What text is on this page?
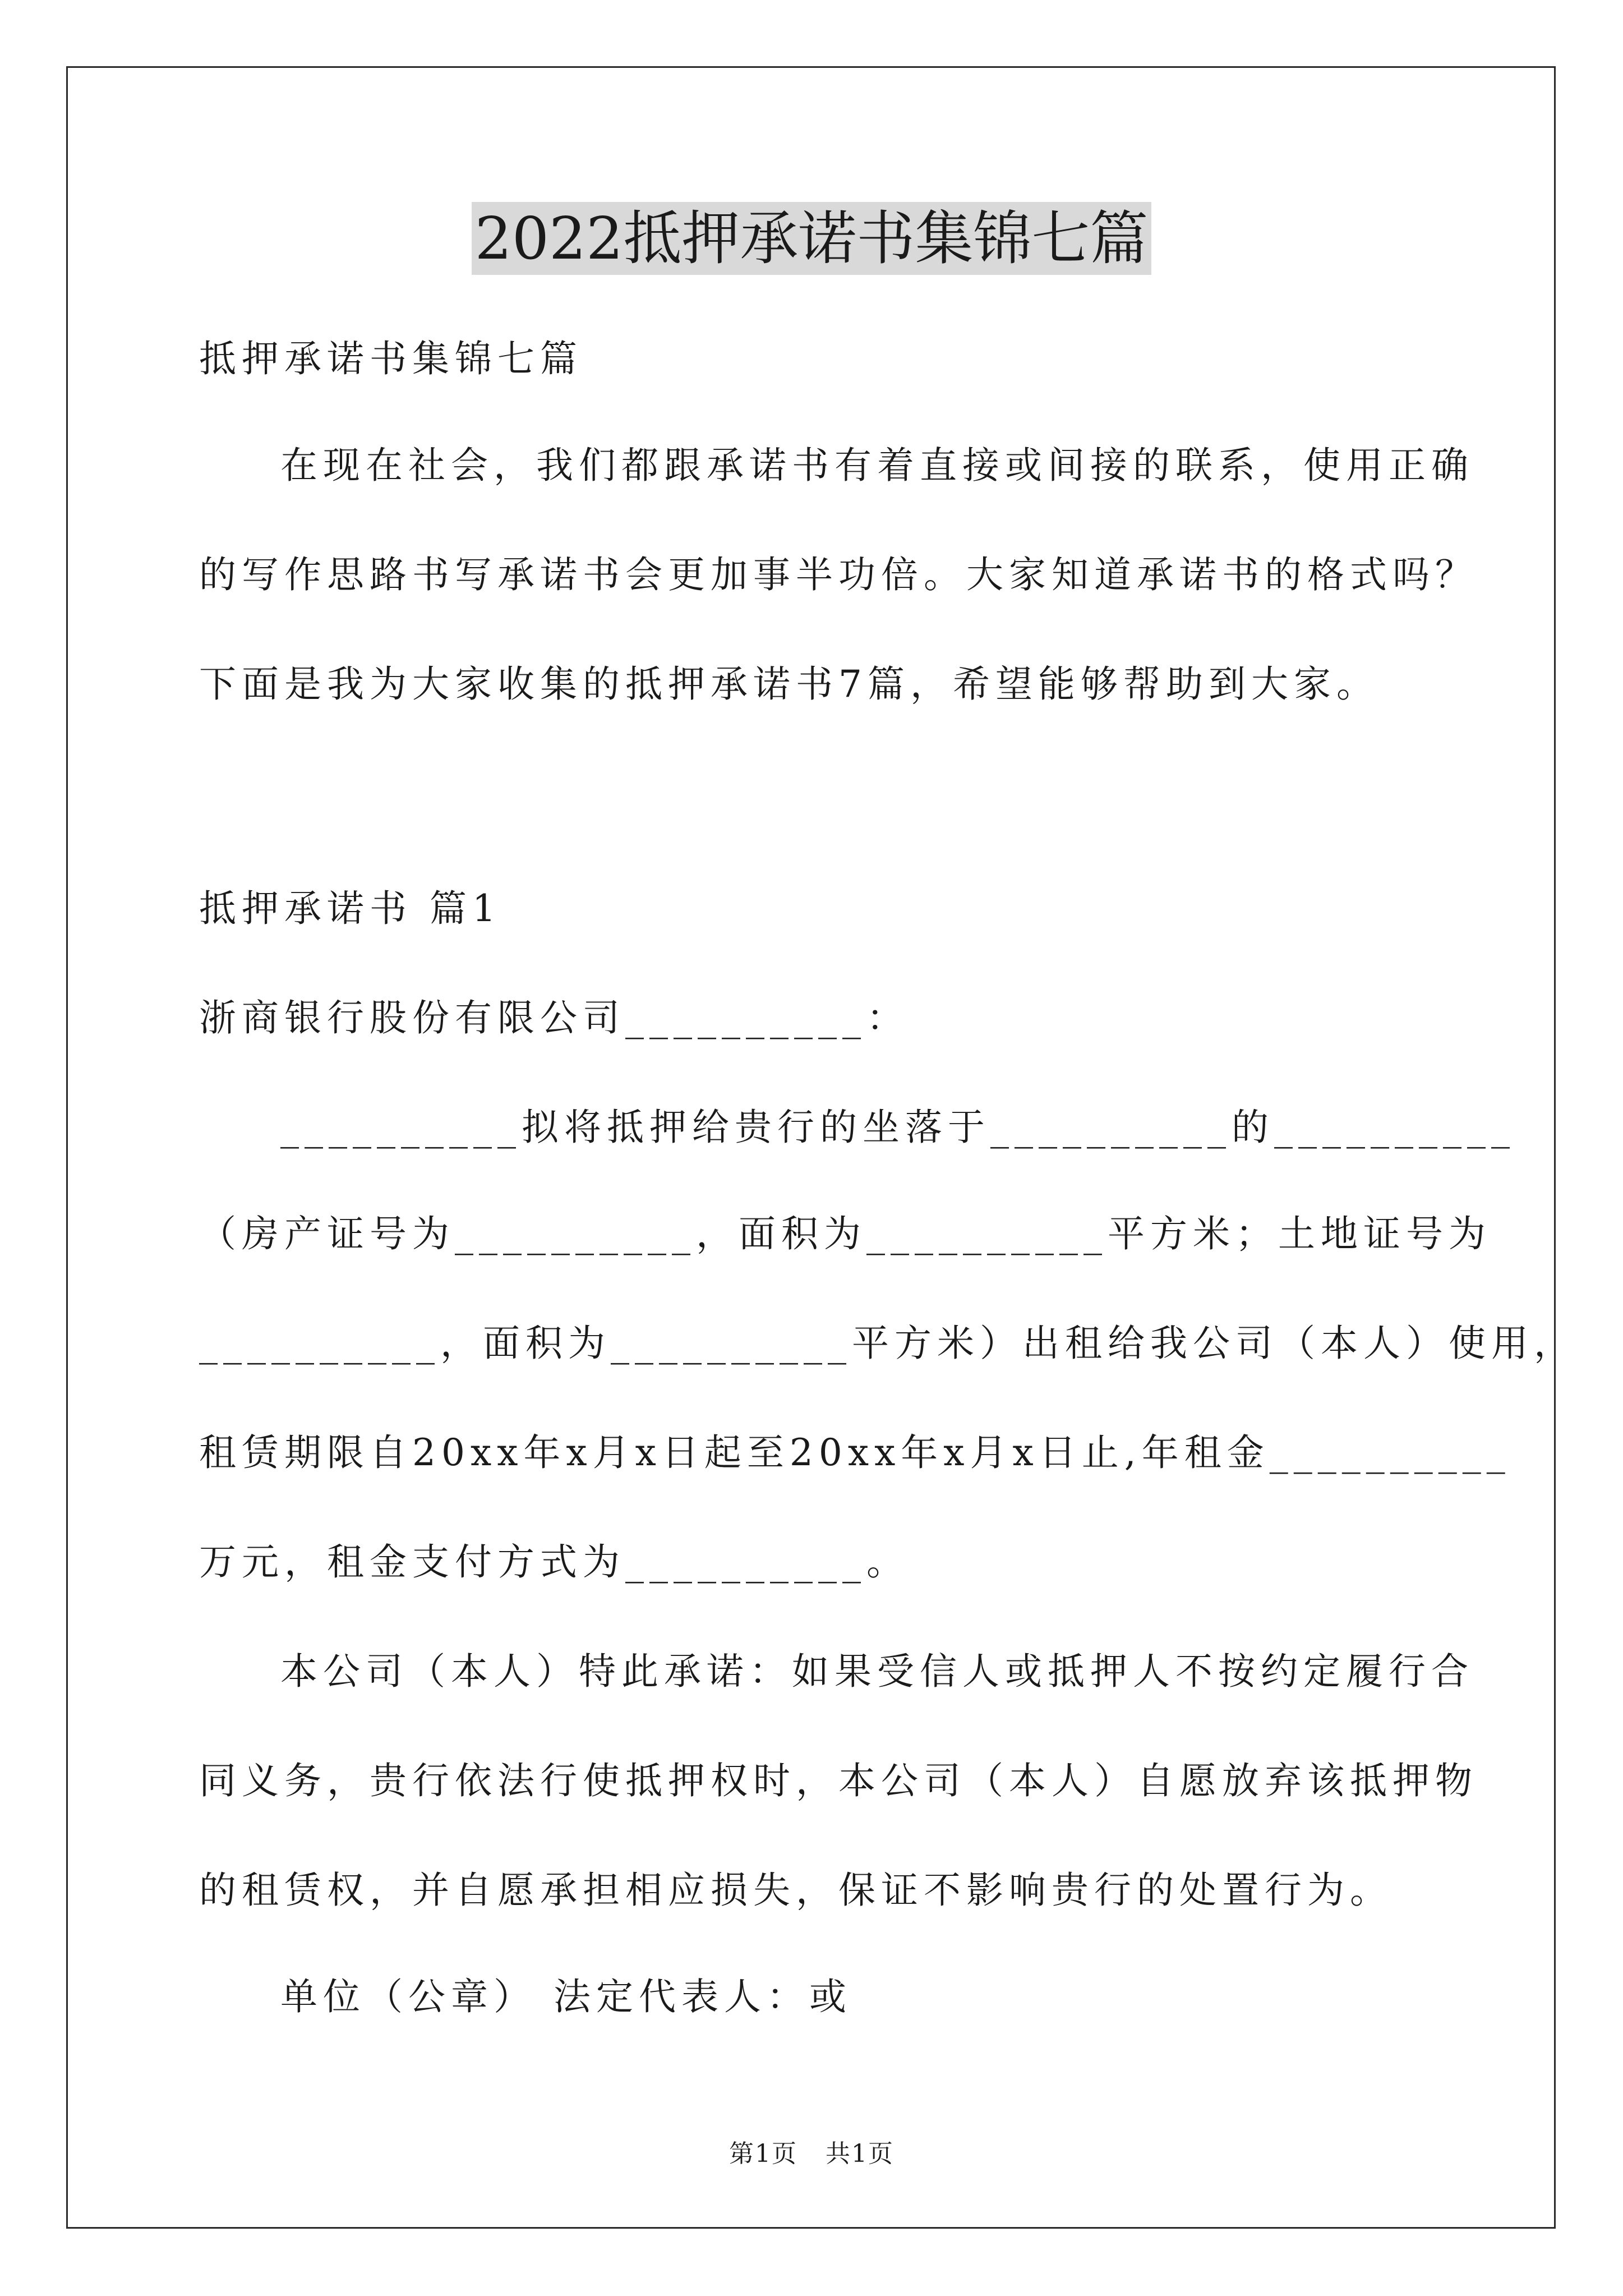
2022抵押承诺书集锦七篇

抵押承诺书集锦七篇

在现在社会，我们都跟承诺书有着直接或间接的联系，使用正确

的写作思路书写承诺书会更加事半功倍。大家知道承诺书的格式吗？
下面是我为大家收集的抵押承诺书7篇，希望能够帮助到大家。

抵押承诺书 篇1

浙商银行股份有限公司__________：

__________拟将抵押给贵行的坐落于__________的__________

（房产证号为__________，面积为__________平方米；土地证号为
__________，面积为__________平方米）出租给我公司（本人）使用，
租赁期限自20xx年x月x日起至20xx年x月x日止,年租金__________
万元，租金支付方式为__________。

本公司（本人）特此承诺：如果受信人或抵押人不按约定履行合

同义务，贵行依法行使抵押权时，本公司（本人）自愿放弃该抵押物
的租赁权，并自愿承担相应损失，保证不影响贵行的处置行为。

单位（公章） 法定代表人：或

第1页 共1页
